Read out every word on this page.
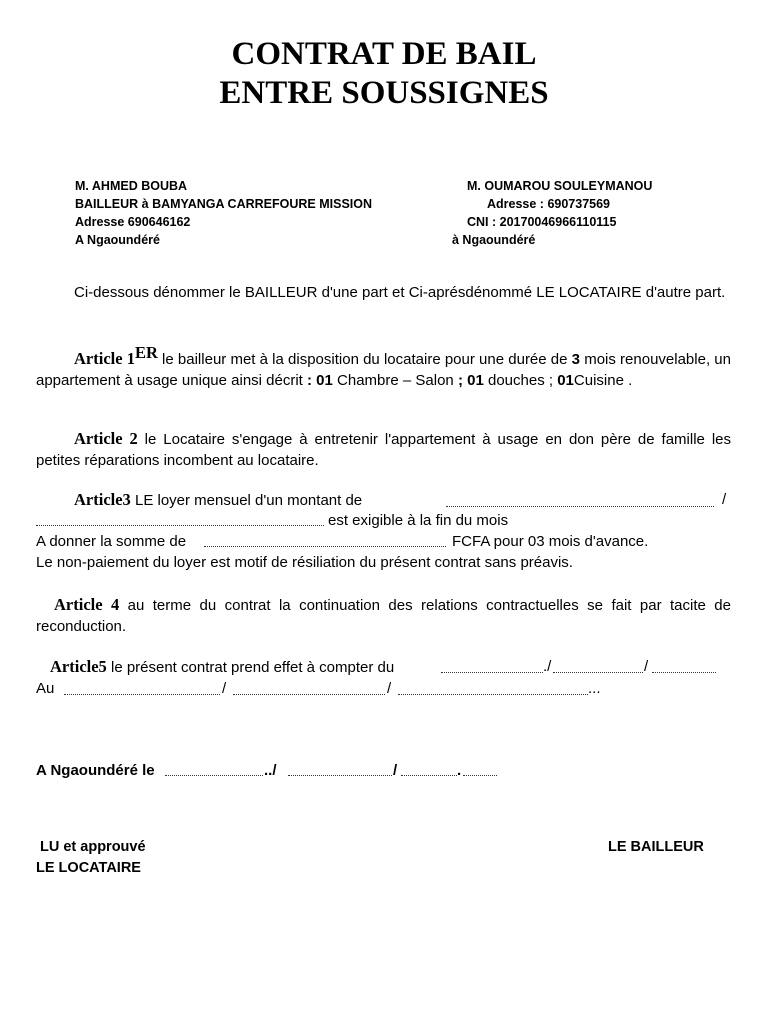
CONTRAT DE BAIL
ENTRE SOUSSIGNES
M. AHMED BOUBA
BAILLEUR à BAMYANGA CARREFOURE MISSION
Adresse 690646162
A Ngaoundéré
M. OUMAROU SOULEYMANOU
Adresse : 690737569
CNI : 20170046966110115
à Ngaoundéré
Ci-dessous dénommer le BAILLEUR d'une part et Ci-aprésdénommé LE LOCATAIRE d'autre part.
Article 1ER le bailleur met à la disposition du locataire pour une durée de 3 mois renouvelable, un appartement à usage unique ainsi décrit : 01 Chambre – Salon ; 01 douches ; 01Cuisine .
Article 2 le Locataire s'engage à entretenir l'appartement à usage en don père de famille les petites réparations incombent au locataire.
Article3 LE loyer mensuel d'un montant de	/
est exigible à la fin du mois
A donner la somme de	FCFA pour 03 mois d'avance.
Le non-paiement du loyer est motif de résiliation du présent contrat sans préavis.
Article 4 au terme du contrat la continuation des relations contractuelles se fait par tacite de reconduction.
Article5 le présent contrat prend effet à compter du	./	/
Au	/	/	...
A Ngaoundéré le	../	/	.
LU et approuvé
LE LOCATAIRE
LE BAILLEUR
